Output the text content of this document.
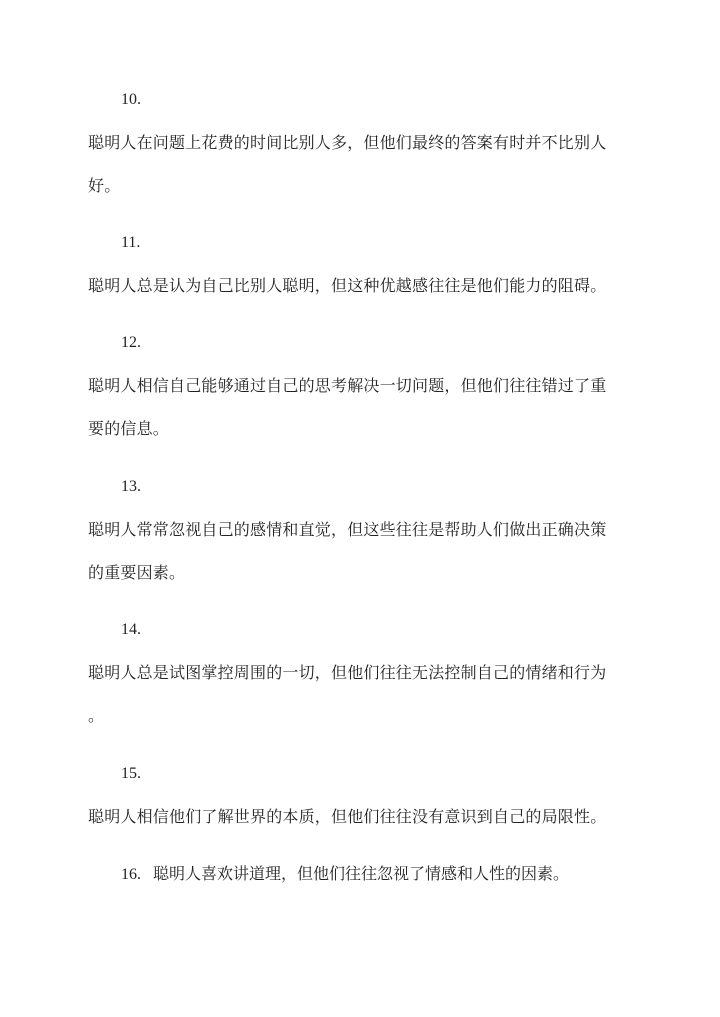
10.
聪明人在问题上花费的时间比别人多，但他们最终的答案有时并不比别人
好。
11.
聪明人总是认为自己比别人聪明，但这种优越感往往是他们能力的阻碍。
12.
聪明人相信自己能够通过自己的思考解决一切问题，但他们往往错过了重
要的信息。
13.
聪明人常常忽视自己的感情和直觉，但这些往往是帮助人们做出正确决策
的重要因素。
14.
聪明人总是试图掌控周围的一切，但他们往往无法控制自己的情绪和行为
。
15.
聪明人相信他们了解世界的本质，但他们往往没有意识到自己的局限性。
16. 聪明人喜欢讲道理，但他们往往忽视了情感和人性的因素。
